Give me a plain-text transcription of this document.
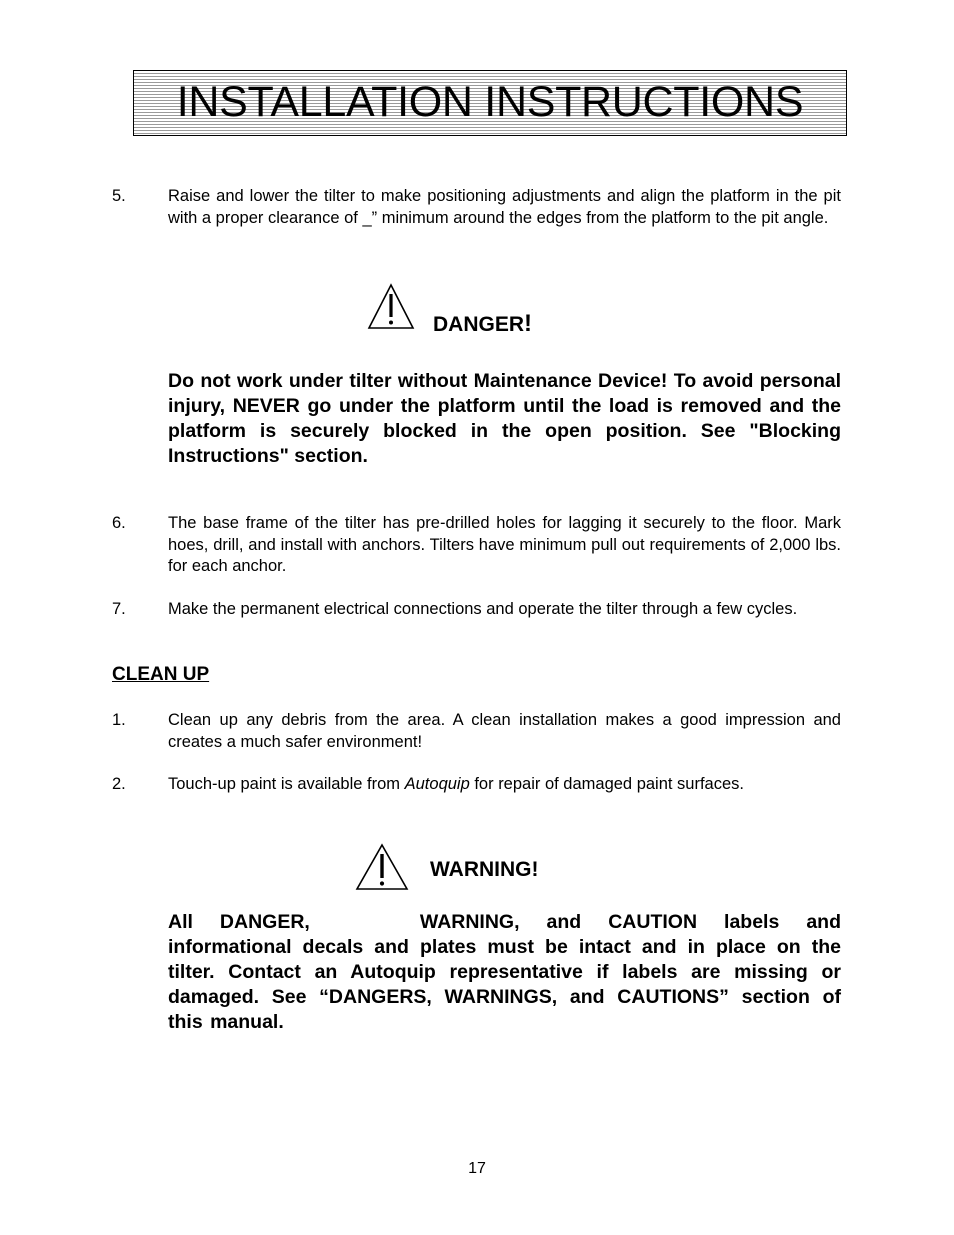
INSTALLATION INSTRUCTIONS
5.	Raise and lower the tilter to make positioning adjustments and align the platform in the pit with a proper clearance of _” minimum around the edges from the platform to the pit angle.
DANGER!
Do not work under tilter without Maintenance Device! To avoid personal injury, NEVER go under the platform until the load is removed and the platform is securely blocked in the open position. See "Blocking Instructions" section.
6.	The base frame of the tilter has pre-drilled holes for lagging it securely to the floor. Mark hoes, drill, and install with anchors. Tilters have minimum pull out requirements of 2,000 lbs. for each anchor.
7.	Make the permanent electrical connections and operate the tilter through a few cycles.
CLEAN UP
1.	Clean up any debris from the area. A clean installation makes a good impression and creates a much safer environment!
2.	Touch-up paint is available from Autoquip for repair of damaged paint surfaces.
WARNING!
All DANGER,	WARNING, and CAUTION labels and informational decals and plates must be intact and in place on the tilter. Contact an Autoquip representative if labels are missing or damaged. See “DANGERS, WARNINGS, and CAUTIONS” section of this manual.
17
